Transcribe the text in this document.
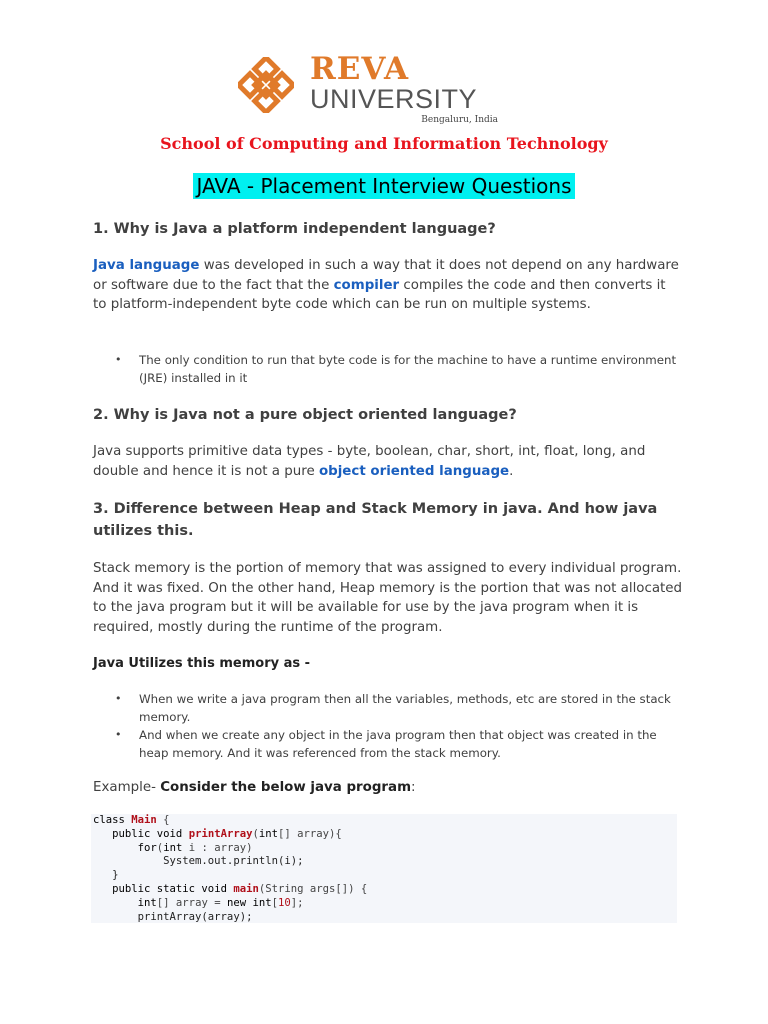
REVA
UNIVERSITY
Bengaluru, India
School of Computing and Information Technology
JAVA - Placement Interview Questions
1. Why is Java a platform independent language?
Java language was developed in such a way that it does not depend on any hardware or software due to the fact that the compiler compiles the code and then converts it to platform-independent byte code which can be run on multiple systems.
• The only condition to run that byte code is for the machine to have a runtime environment (JRE) installed in it
2. Why is Java not a pure object oriented language?
Java supports primitive data types - byte, boolean, char, short, int, float, long, and double and hence it is not a pure object oriented language.
3. Difference between Heap and Stack Memory in java. And how java utilizes this.
Stack memory is the portion of memory that was assigned to every individual program. And it was fixed. On the other hand, Heap memory is the portion that was not allocated to the java program but it will be available for use by the java program when it is required, mostly during the runtime of the program.
Java Utilizes this memory as -
• When we write a java program then all the variables, methods, etc are stored in the stack memory.
• And when we create any object in the java program then that object was created in the heap memory. And it was referenced from the stack memory.
Example- Consider the below java program:
class Main {
public void printArray(int[] array){
for(int i : array)
System.out.println(i);
}
public static void main(String args[]) {
int[] array = new int[10];
printArray(array);
